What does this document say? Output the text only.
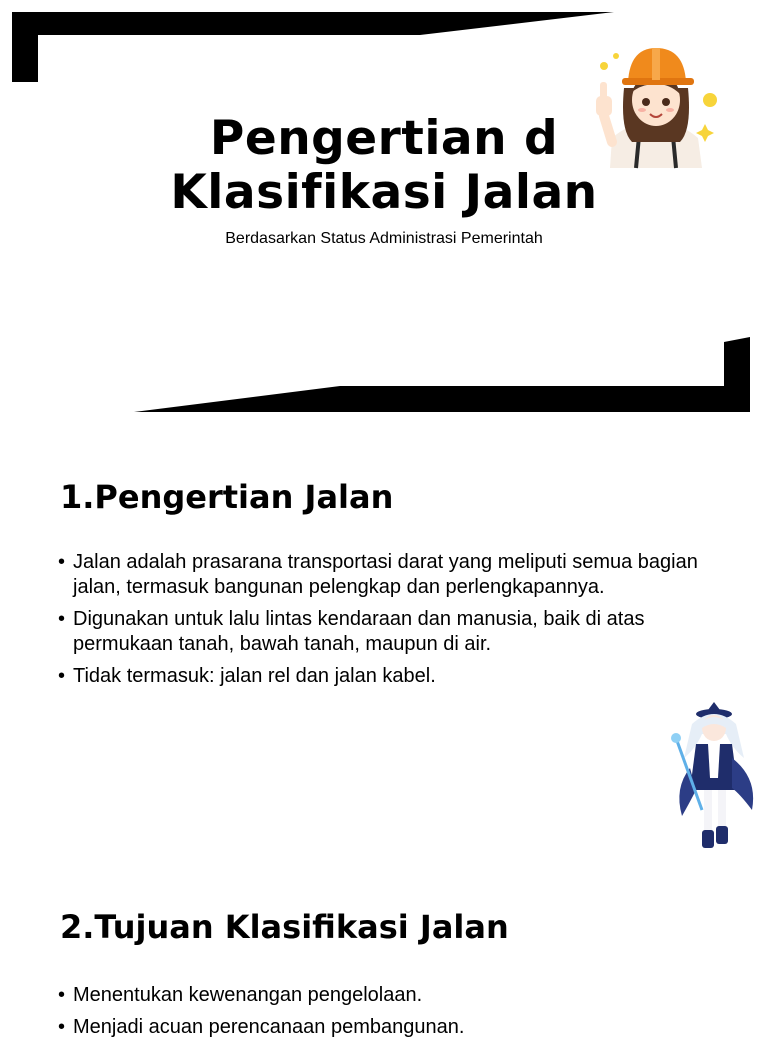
Pengertian d
Klasifikasi Jalan
Berdasarkan Status Administrasi Pemerintah
1.Pengertian Jalan
• Jalan adalah prasarana transportasi darat yang meliputi semua bagian jalan, termasuk bangunan pelengkap dan perlengkapannya.
• Digunakan untuk lalu lintas kendaraan dan manusia, baik di atas permukaan tanah, bawah tanah, maupun di air.
• Tidak termasuk: jalan rel dan jalan kabel.
2.Tujuan Klasifikasi Jalan
• Menentukan kewenangan pengelolaan.
• Menjadi acuan perencanaan pembangunan.
